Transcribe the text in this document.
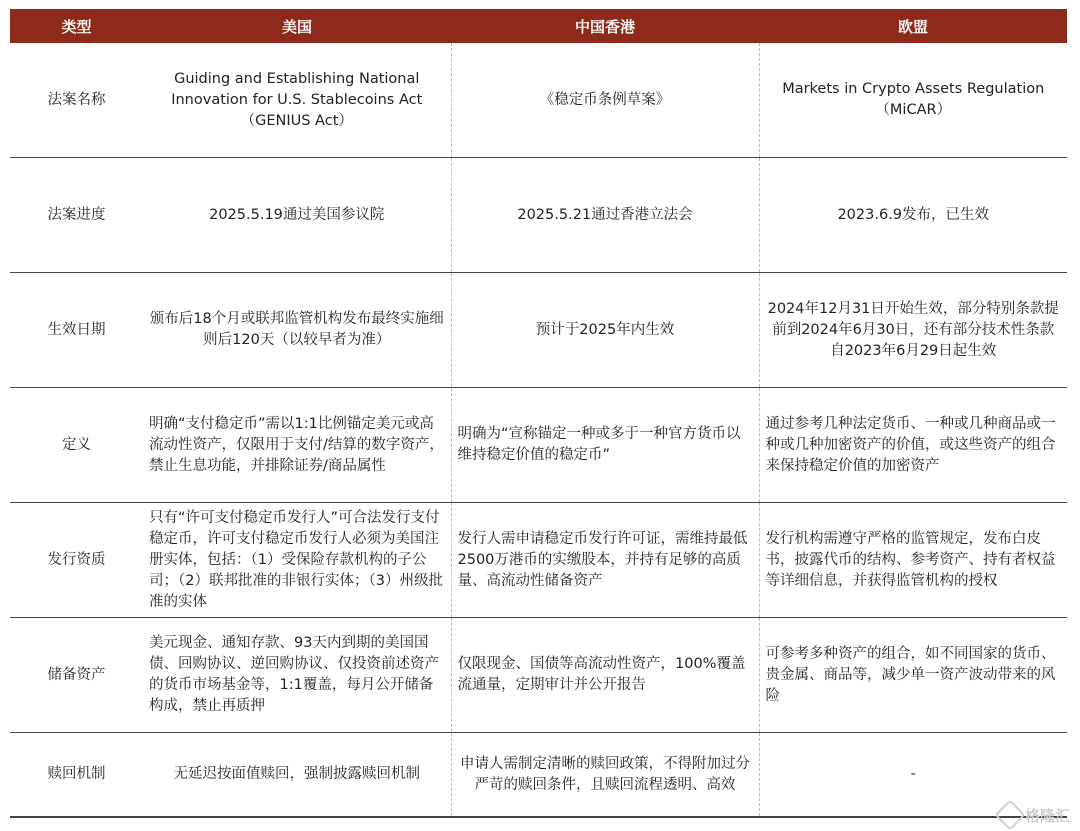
类型	美国	中国香港	欧盟
法案名称	Guiding and Establishing National Innovation for U.S. Stablecoins Act（GENIUS Act）	《稳定币条例草案》	Markets in Crypto Assets Regulation（MiCAR）
法案进度	2025.5.19通过美国参议院	2025.5.21通过香港立法会	2023.6.9发布，已生效
生效日期	颁布后18个月或联邦监管机构发布最终实施细则后120天（以较早者为准）	预计于2025年内生效	2024年12月31日开始生效，部分特别条款提前到2024年6月30日，还有部分技术性条款自2023年6月29日起生效
定义	明确“支付稳定币”需以1:1比例锚定美元或高流动性资产，仅限用于支付/结算的数字资产，禁止生息功能，并排除证券/商品属性	明确为“宣称锚定一种或多于一种官方货币以维持稳定价值的稳定币”	通过参考几种法定货币、一种或几种商品或一种或几种加密资产的价值，或这些资产的组合来保持稳定价值的加密资产
发行资质	只有“许可支付稳定币发行人”可合法发行支付稳定币，许可支付稳定币发行人必须为美国注册实体，包括：（1）受保险存款机构的子公司；（2）联邦批准的非银行实体；（3）州级批准的实体	发行人需申请稳定币发行许可证，需维持最低2500万港币的实缴股本，并持有足够的高质量、高流动性储备资产	发行机构需遵守严格的监管规定，发布白皮书，披露代币的结构、参考资产、持有者权益等详细信息，并获得监管机构的授权
储备资产	美元现金、通知存款、93天内到期的美国国债、回购协议、逆回购协议、仅投资前述资产的货币市场基金等，1:1覆盖，每月公开储备构成，禁止再质押	仅限现金、国债等高流动性资产，100%覆盖流通量，定期审计并公开报告	可参考多种资产的组合，如不同国家的货币、贵金属、商品等，减少单一资产波动带来的风险
赎回机制	无延迟按面值赎回，强制披露赎回机制	申请人需制定清晰的赎回政策，不得附加过分严苛的赎回条件，且赎回流程透明、高效	-
格隆汇
